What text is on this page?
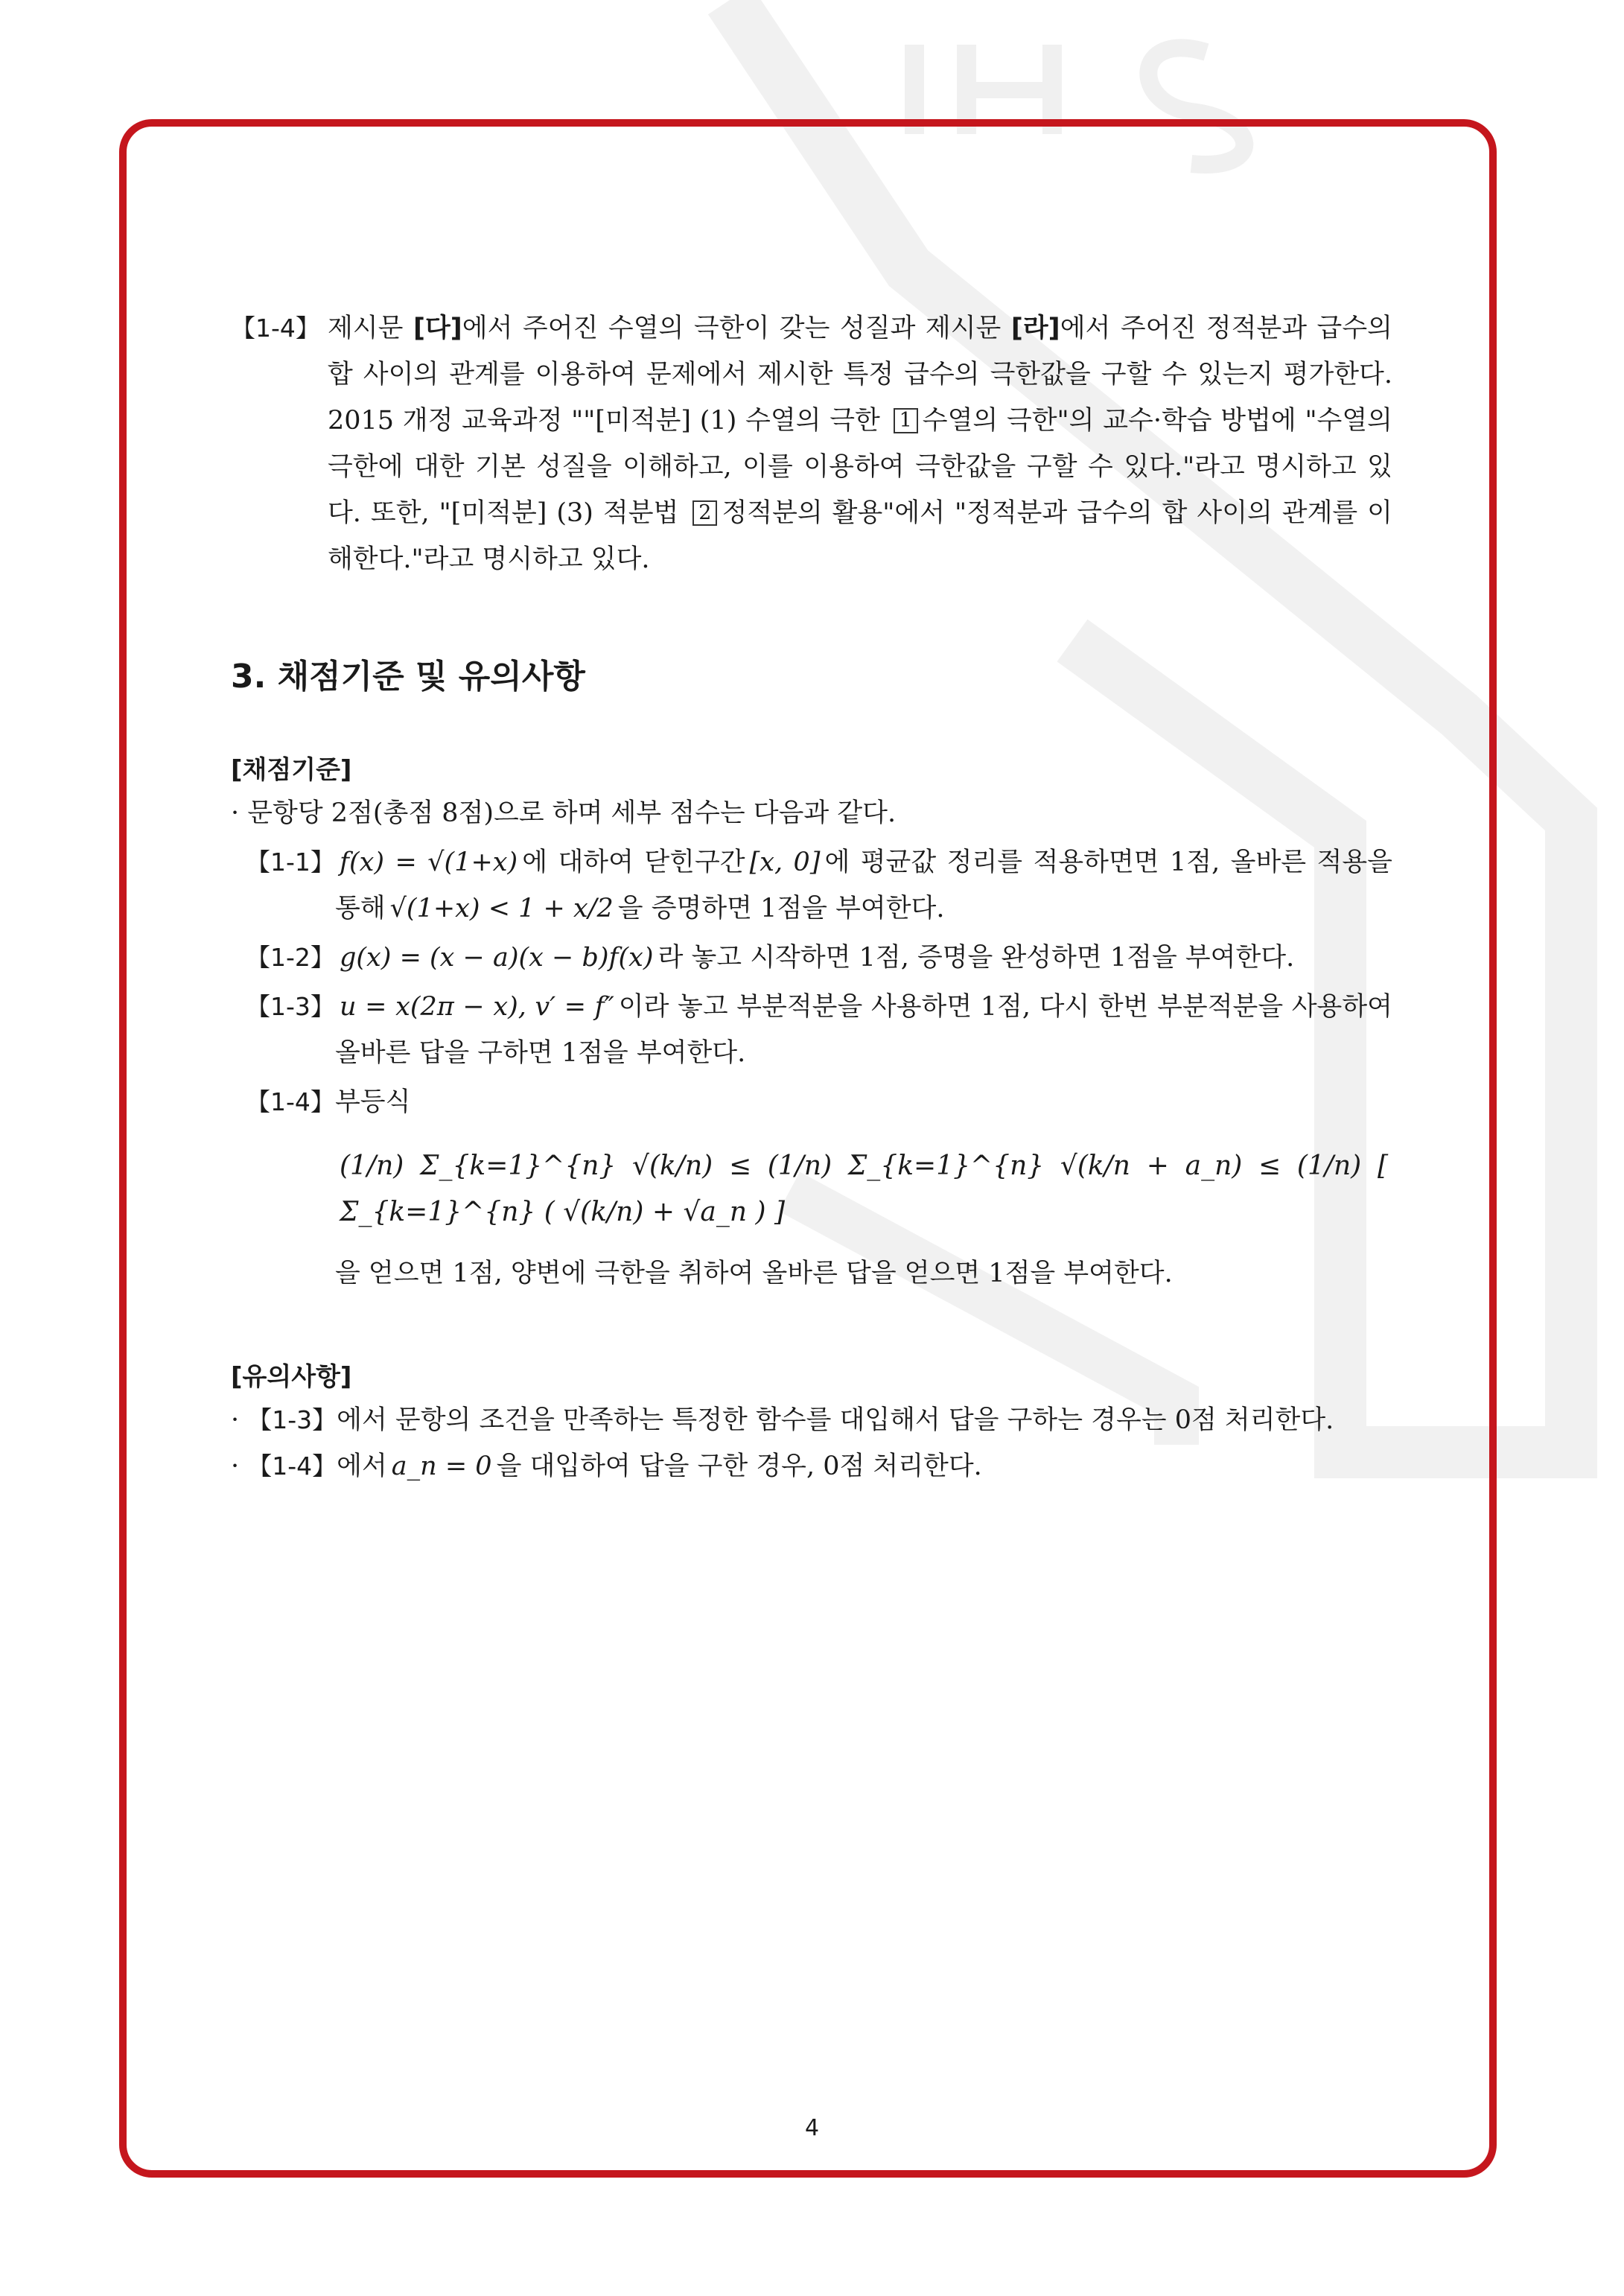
【1-4】 제시문 [다]에서 주어진 수열의 극한이 갖는 성질과 제시문 [라]에서 주어진 정적분과 급수의 합 사이의 관계를 이용하여 문제에서 제시한 특정 급수의 극한값을 구할 수 있는지 평가한다. 2015 개정 교육과정 ""[미적분] (1) 수열의 극한 1 수열의 극한"의 교수·학습 방법에 "수열의 극한에 대한 기본 성질을 이해하고, 이를 이용하여 극한값을 구할 수 있다."라고 명시하고 있다. 또한, "[미적분] (3) 적분법 2 정적분의 활용"에서 "정적분과 급수의 합 사이의 관계를 이해한다."라고 명시하고 있다.
3. 채점기준 및 유의사항
[채점기준]
· 문항당 2점(총점 8점)으로 하며 세부 점수는 다음과 같다.
【1-1】 f(x) = √(1+x) 에 대하여 닫힌구간 [x, 0] 에 평균값 정리를 적용하면면 1점, 올바른 적용을 통해 √(1+x) < 1 + x/2 을 증명하면 1점을 부여한다.
【1-2】 g(x) = (x − a)(x − b)f(x) 라 놓고 시작하면 1점, 증명을 완성하면 1점을 부여한다.
【1-3】 u = x(2π − x), v′ = f″ 이라 놓고 부분적분을 사용하면 1점, 다시 한번 부분적분을 사용하여 올바른 답을 구하면 1점을 부여한다.
【1-4】 부등식
(1/n) Σ_{k=1}^{n} √(k/n) ≤ (1/n) Σ_{k=1}^{n} √(k/n + a_n) ≤ (1/n) [ Σ_{k=1}^{n} ( √(k/n) + √a_n ) ]
을 얻으면 1점, 양변에 극한을 취하여 올바른 답을 얻으면 1점을 부여한다.
[유의사항]
· 【1-3】에서 문항의 조건을 만족하는 특정한 함수를 대입해서 답을 구하는 경우는 0점 처리한다.
· 【1-4】에서 a_n = 0 을 대입하여 답을 구한 경우, 0점 처리한다.
4
